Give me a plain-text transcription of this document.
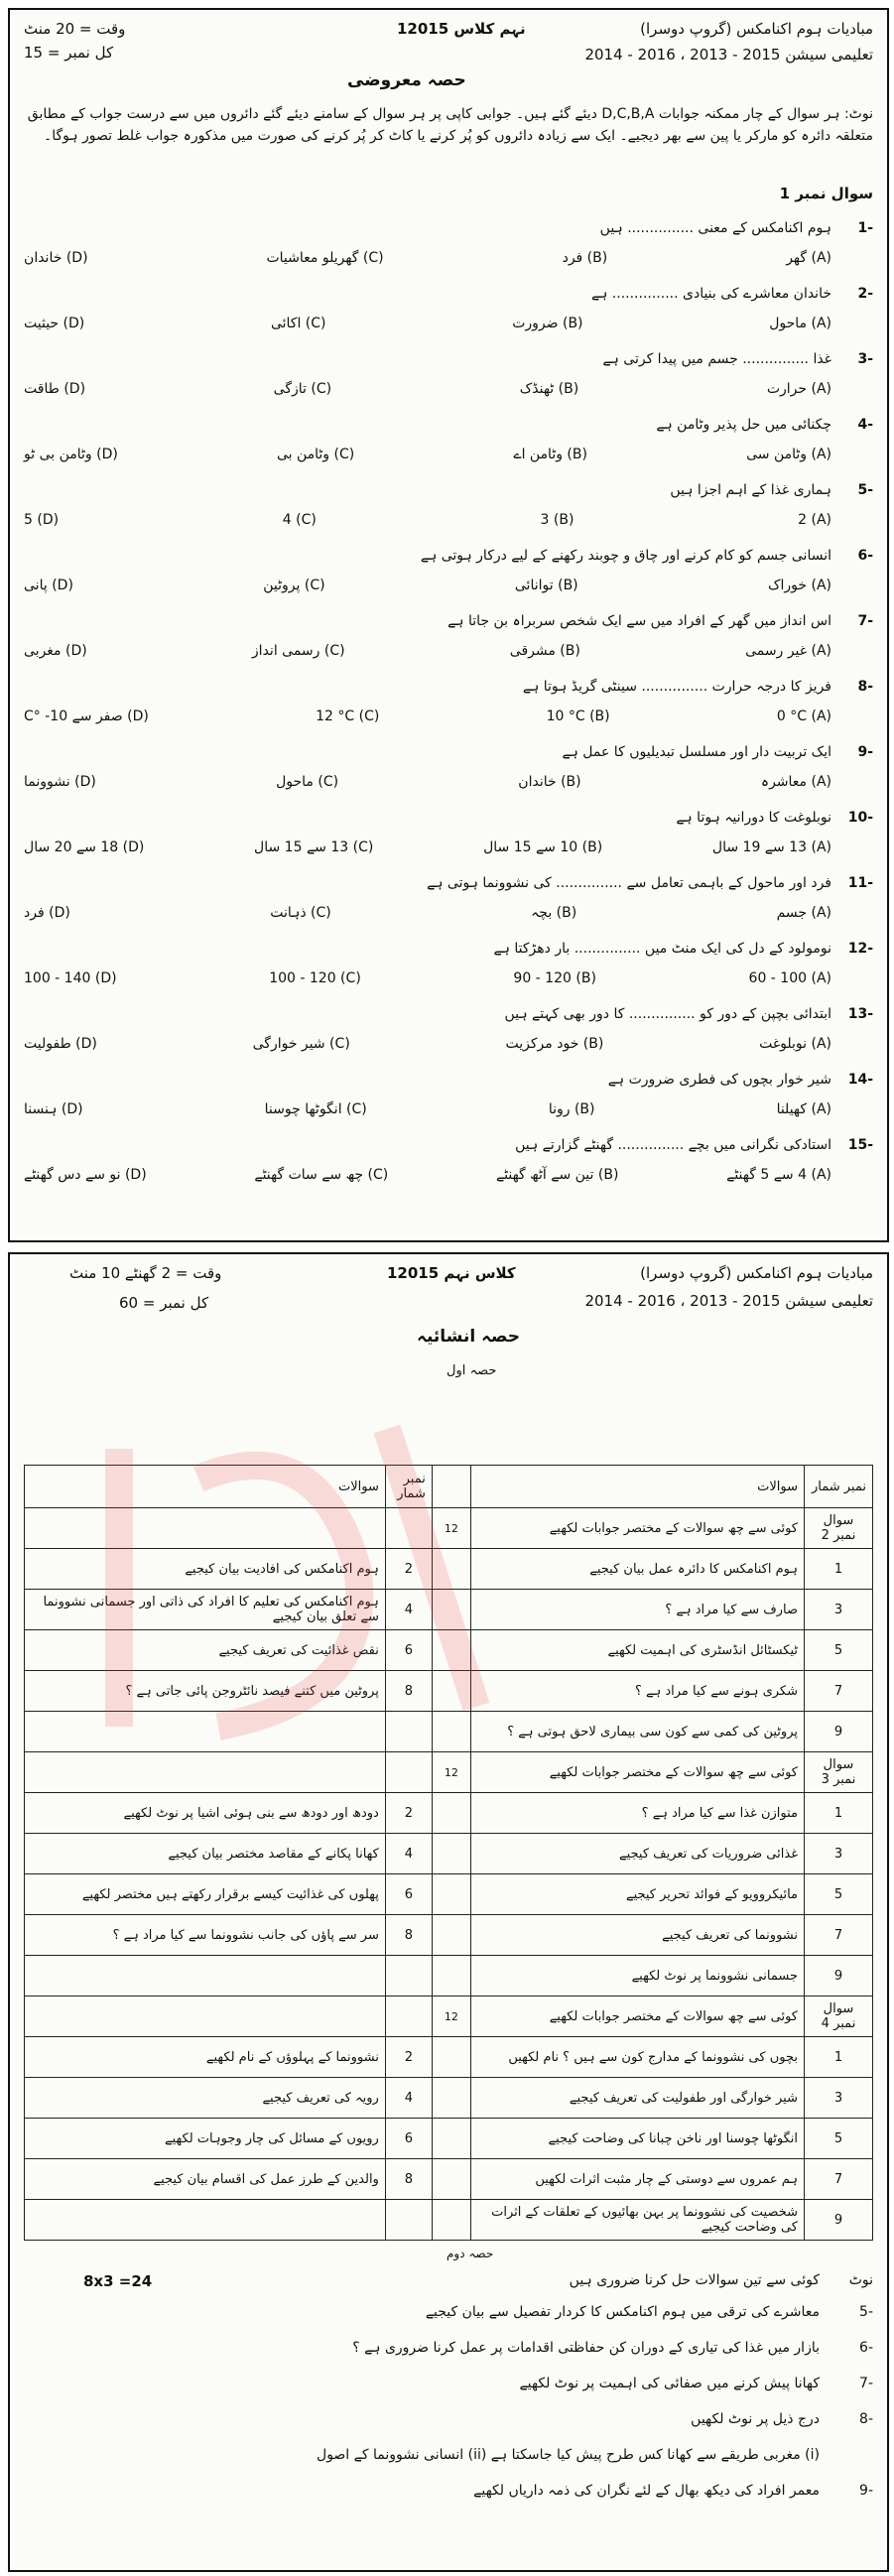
نہم کلاس 12015	مبادیات ہوم اکنامکس (گروپ دوسرا)
وقت = 20 منٹ
کل نمبر = 15	تعلیمی سیشن 2015 - 2013 ، 2016 - 2014
حصہ معروضی
نوٹ: ہر سوال کے چار ممکنہ جوابات D,C,B,A دیئے گئے ہیں۔ جوابی کاپی پر ہر سوال کے سامنے دیئے گئے دائروں میں سے درست جواب کے مطابق متعلقہ دائرہ کو مارکر یا پین سے بھر دیجیے۔ ایک سے زیادہ دائروں کو پُر کرنے یا کاٹ کر پُر کرنے کی صورت میں مذکورہ جواب غلط تصور ہوگا۔
سوال نمبر 1
-1
ہوم اکنامکس کے معنی ............... ہیں
(A) گھر
(B) فرد
(C) گھریلو معاشیات
(D) خاندان
-2
خاندان معاشرے کی بنیادی ............... ہے
(A) ماحول
(B) ضرورت
(C) اکائی
(D) حیثیت
-3
غذا ............... جسم میں پیدا کرتی ہے
(A) حرارت
(B) ٹھنڈک
(C) تازگی
(D) طاقت
-4
چکنائی میں حل پذیر وٹامن ہے
(A) وٹامن سی
(B) وٹامن اے
(C) وٹامن بی
(D) وٹامن بی ٹو
-5
ہماری غذا کے اہم اجزا ہیں
(A) 2
(B) 3
(C) 4
(D) 5
-6
انسانی جسم کو کام کرنے اور چاق و چوبند رکھنے کے لیے درکار ہوتی ہے
(A) خوراک
(B) توانائی
(C) پروٹین
(D) پانی
-7
اس انداز میں گھر کے افراد میں سے ایک شخص سربراہ بن جاتا ہے
(A) غیر رسمی
(B) مشرقی
(C) رسمی انداز
(D) مغربی
-8
فریز کا درجہ حرارت ............... سینٹی گریڈ ہوتا ہے
(A) 0 °C
(B) 10 °C
(C) 12 °C
(D) صفر سے 10- °C
-9
ایک تربیت دار اور مسلسل تبدیلیوں کا عمل ہے
(A) معاشرہ
(B) خاندان
(C) ماحول
(D) نشوونما
-10
نوبلوغت کا دورانیہ ہوتا ہے
(A) 13 سے 19 سال
(B) 10 سے 15 سال
(C) 13 سے 15 سال
(D) 18 سے 20 سال
-11
فرد اور ماحول کے باہمی تعامل سے ............... کی نشوونما ہوتی ہے
(A) جسم
(B) بچہ
(C) ذہانت
(D) فرد
-12
نومولود کے دل کی ایک منٹ میں ............... بار دھڑکتا ہے
(A) 60 - 100
(B) 90 - 120
(C) 100 - 120
(D) 100 - 140
-13
ابتدائی بچپن کے دور کو ............... کا دور بھی کہتے ہیں
(A) نوبلوغت
(B) خود مرکزیت
(C) شیر خوارگی
(D) طفولیت
-14
شیر خوار بچوں کی فطری ضرورت ہے
(A) کھیلنا
(B) رونا
(C) انگوٹھا چوسنا
(D) ہنسنا
-15
استادکی نگرانی میں بچے ............... گھنٹے گزارتے ہیں
(A) 4 سے 5 گھنٹے
(B) تین سے آٹھ گھنٹے
(C) چھ سے سات گھنٹے
(D) نو سے دس گھنٹے
کلاس نہم 12015	مبادیات ہوم اکنامکس (گروپ دوسرا)
وقت = 2 گھنٹے 10 منٹ
کل نمبر = 60	تعلیمی سیشن 2015 - 2013 ، 2016 - 2014
حصہ انشائیہ
حصہ اول
نمبر شمار	سوالات		نمبر شمار	سوالات
سوال نمبر 2	کوئی سے چھ سوالات کے مختصر جوابات لکھیے	12		
1	ہوم اکنامکس کا دائرہ عمل بیان کیجیے		2	ہوم اکنامکس کی افادیت بیان کیجیے
3	صارف سے کیا مراد ہے ؟		4	ہوم اکنامکس کی تعلیم کا افراد کی ذاتی اور جسمانی نشوونما سے تعلق بیان کیجیے
5	ٹیکسٹائل انڈسٹری کی اہمیت لکھیے		6	نقص غذائیت کی تعریف کیجیے
7	شکری ہونے سے کیا مراد ہے ؟		8	پروٹین میں کتنے فیصد نائٹروجن پائی جاتی ہے ؟
9	پروٹین کی کمی سے کون سی بیماری لاحق ہوتی ہے ؟			
سوال نمبر 3	کوئی سے چھ سوالات کے مختصر جوابات لکھیے	12		
1	متوازن غذا سے کیا مراد ہے ؟		2	دودھ اور دودھ سے بنی ہوئی اشیا پر نوٹ لکھیے
3	غذائی ضروریات کی تعریف کیجیے		4	کھانا پکانے کے مقاصد مختصر بیان کیجیے
5	مائیکروویو کے فوائد تحریر کیجیے		6	پھلوں کی غذائیت کیسے برقرار رکھتے ہیں مختصر لکھیے
7	نشوونما کی تعریف کیجیے		8	سر سے پاؤں کی جانب نشوونما سے کیا مراد ہے ؟
9	جسمانی نشوونما پر نوٹ لکھیے			
سوال نمبر 4	کوئی سے چھ سوالات کے مختصر جوابات لکھیے	12		
1	بچوں کی نشوونما کے مدارج کون سے ہیں ؟ نام لکھیں		2	نشوونما کے پہلوؤں کے نام لکھیے
3	شیر خوارگی اور طفولیت کی تعریف کیجیے		4	رویہ کی تعریف کیجیے
5	انگوٹھا چوسنا اور ناخن چبانا کی وضاحت کیجیے		6	رویوں کے مسائل کی چار وجوہات لکھیے
7	ہم عمروں سے دوستی کے چار مثبت اثرات لکھیں		8	والدین کے طرز عمل کی اقسام بیان کیجیے
9	شخصیت کی نشوونما پر بہن بھائیوں کے تعلقات کے اثرات کی وضاحت کیجیے			
حصہ دوم
نوٹ
کوئی سے تین سوالات حل کرنا ضروری ہیں
8x3 =24
-5
معاشرے کی ترقی میں ہوم اکنامکس کا کردار تفصیل سے بیان کیجیے
-6
بازار میں غذا کی تیاری کے دوران کن حفاظتی اقدامات پر عمل کرنا ضروری ہے ؟
-7
کھانا پیش کرنے میں صفائی کی اہمیت پر نوٹ لکھیے
-8
درج ذیل پر نوٹ لکھیں
(i) مغربی طریقے سے کھانا کس طرح پیش کیا جاسکتا ہے (ii) انسانی نشوونما کے اصول
-9
معمر افراد کی دیکھ بھال کے لئے نگران کی ذمہ داریاں لکھیے
